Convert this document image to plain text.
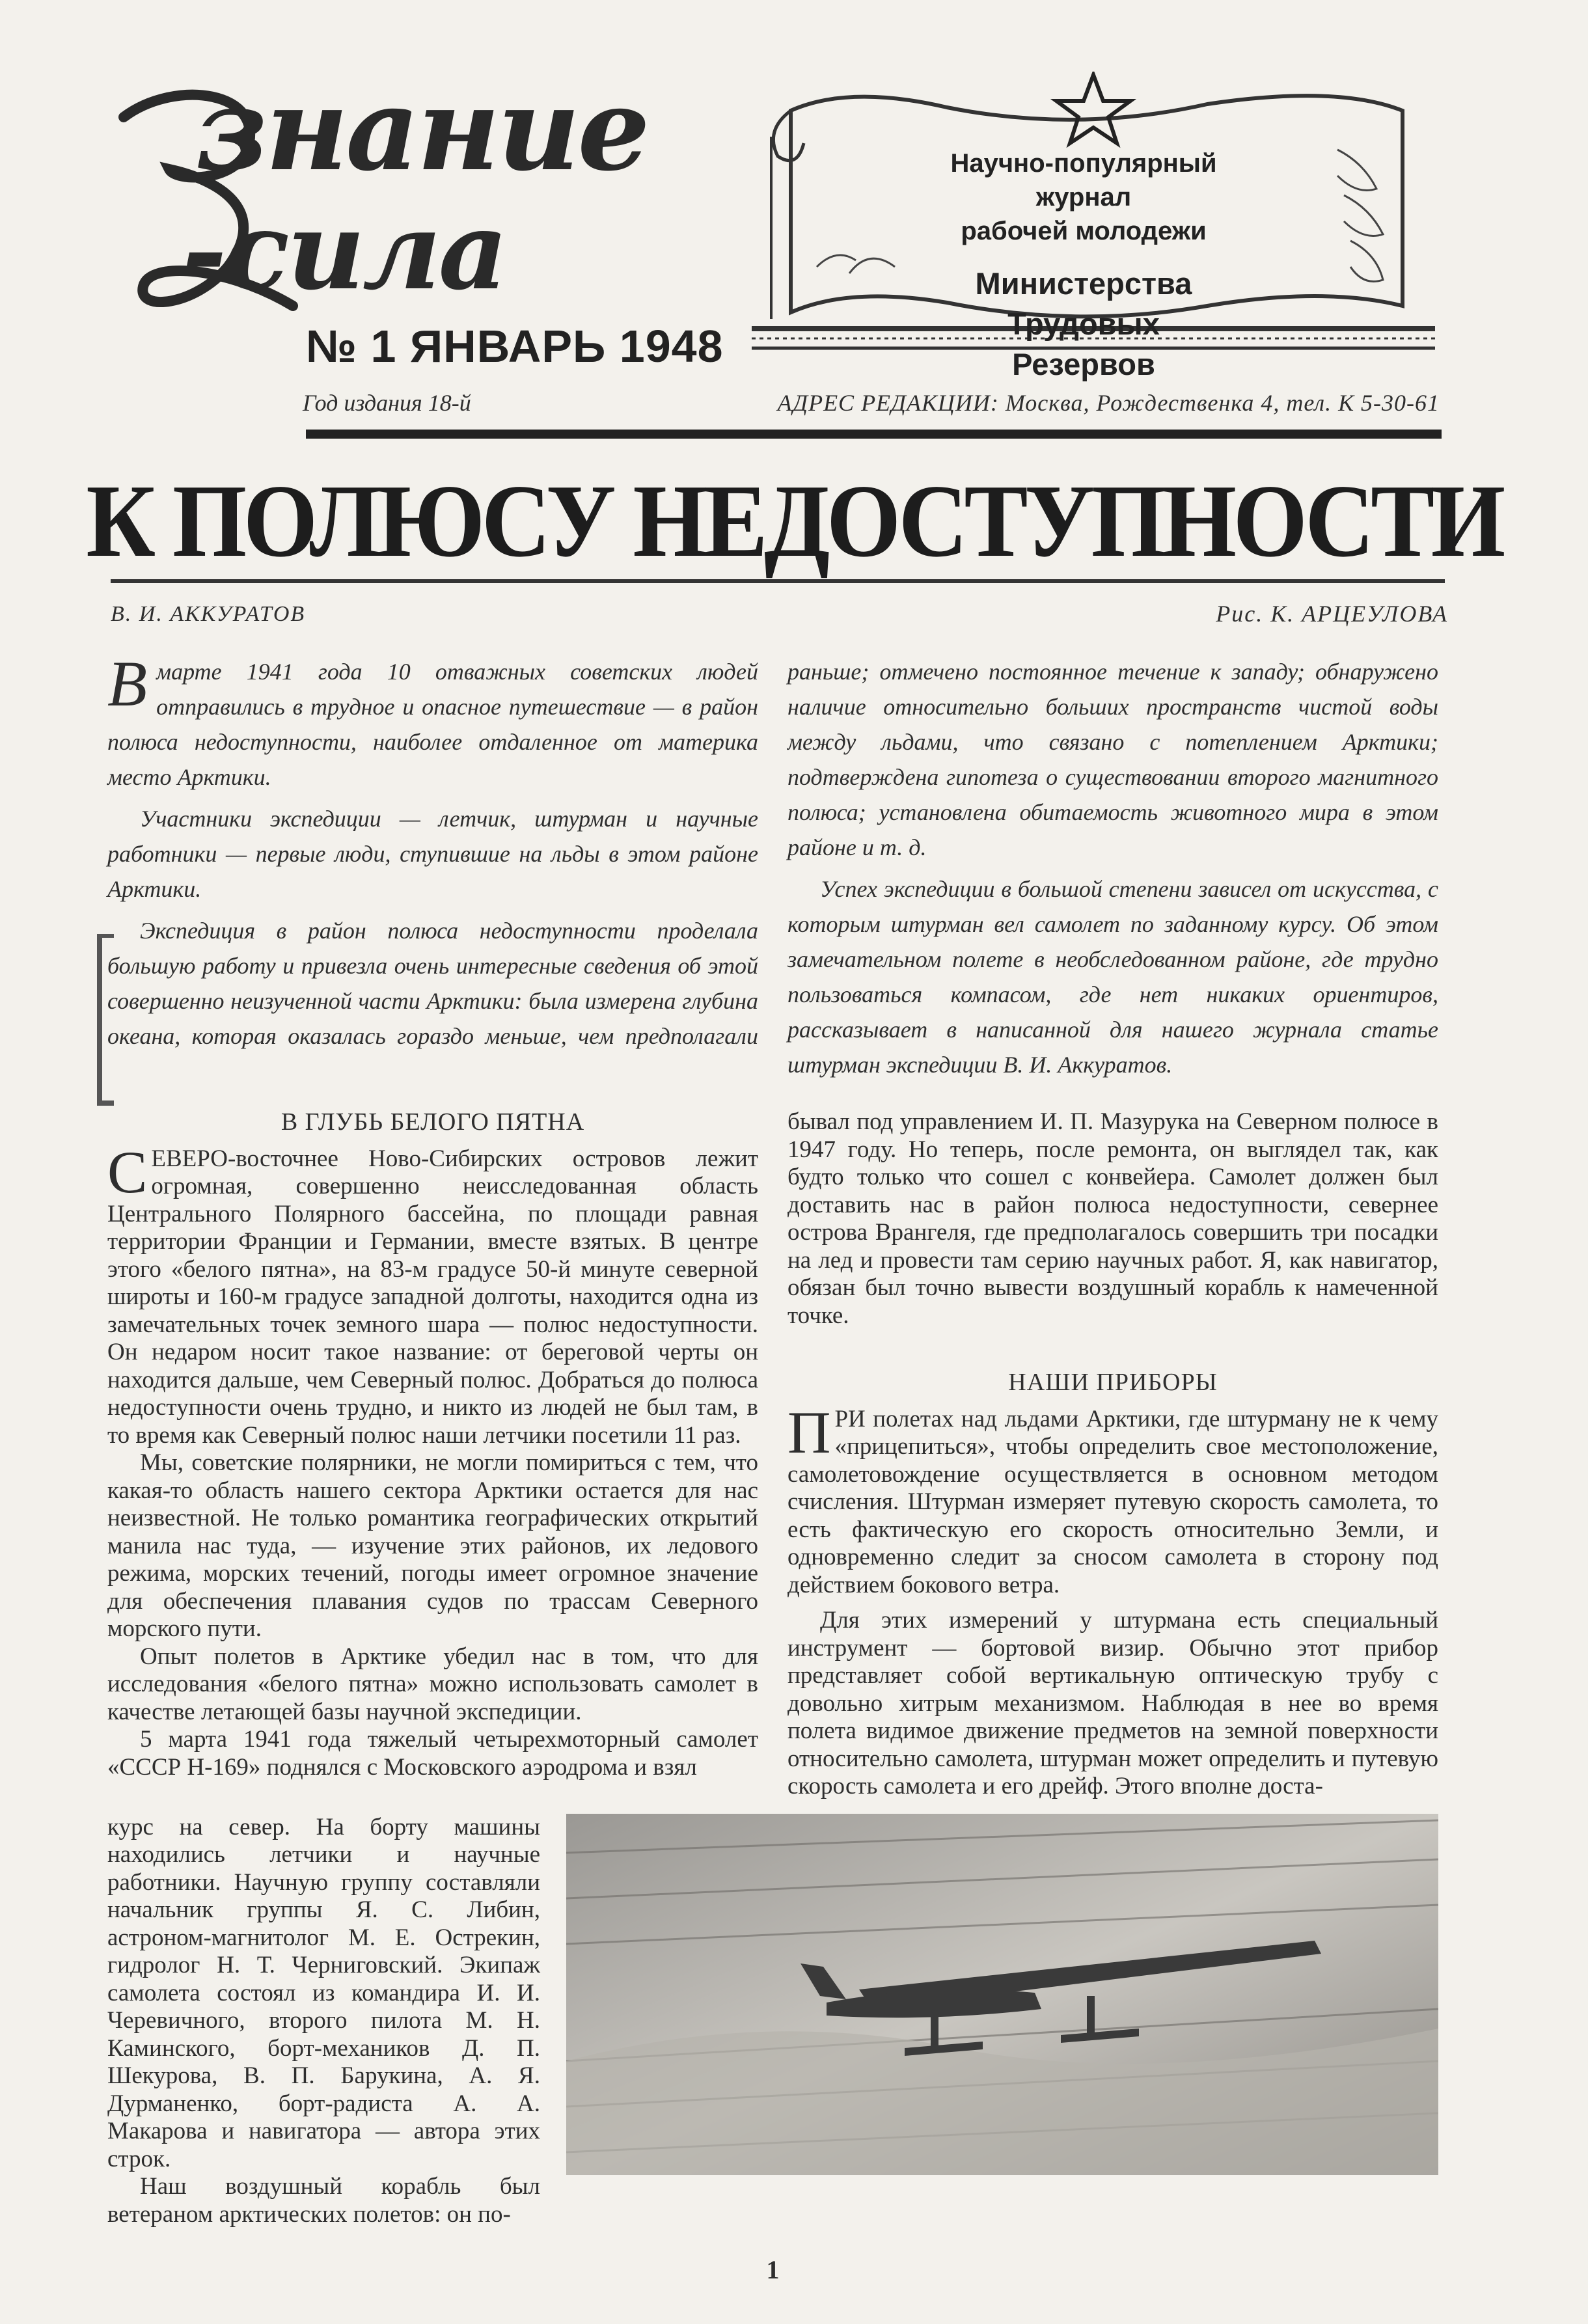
знание
-сила
№ 1 ЯНВАРЬ 1948
Научно-популярный журнал
рабочей молодежи
Министерства Трудовых
Резервов
Год издания 18-й	АДРЕС РЕДАКЦИИ: Москва, Рождественка 4, тел. К 5-30-61
К ПОЛЮСУ НЕДОСТУПНОСТИ
В. И. АККУРАТОВ	Рис. К. АРЦЕУЛОВА

Вмарте 1941 года 10 отважных советских людей отправились в трудное и опасное путешествие — в район полюса недоступности, наиболее отдаленное от материка место Арктики.

Участники экспедиции — летчик, штурман и научные работники — первые люди, ступившие на льды в этом районе Арктики.

Экспедиция в район полюса недоступности проделала большую работу и привезла очень интересные сведения об этой совершенно неизученной части Арктики: была измерена глубина океана, которая оказалась гораздо меньше, чем предполагали раньше; отмечено постоянное течение к западу; обнаружено наличие относительно больших пространств чистой воды между льдами, что связано с потеплением Арктики; подтверждена гипотеза о существовании второго магнитного полюса; установлена обитаемость животного мира в этом районе и т. д.

Успех экспедиции в большой степени зависел от искусства, с которым штурман вел самолет по заданному курсу. Об этом замечательном полете в необследованном районе, где трудно пользоваться компасом, где нет никаких ориентиров, рассказывает в написанной для нашего журнала статье штурман экспедиции В. И. Аккуратов.

В ГЛУБЬ БЕЛОГО ПЯТНА

СЕВЕРО-восточнее Ново-Сибирских островов лежит огромная, совершенно неисследованная область Центрального Полярного бассейна, по площади равная территории Франции и Германии, вместе взятых. В центре этого «белого пятна», на 83-м градусе 50-й минуте северной широты и 160-м градусе западной долготы, находится одна из замечательных точек земного шара — полюс недоступности. Он недаром носит такое название: от береговой черты он находится дальше, чем Северный полюс. Добраться до полюса недоступности очень трудно, и никто из людей не был там, в то время как Северный полюс наши летчики посетили 11 раз.

Мы, советские полярники, не могли помириться с тем, что какая-то область нашего сектора Арктики остается для нас неизвестной. Не только романтика географических открытий манила нас туда, — изучение этих районов, их ледового режима, морских течений, погоды имеет огромное значение для обеспечения плавания судов по трассам Северного морского пути.

Опыт полетов в Арктике убедил нас в том, что для исследования «белого пятна» можно использовать самолет в качестве летающей базы научной экспедиции.

5 марта 1941 года тяжелый четырехмоторный самолет «СССР Н-169» поднялся с Московского аэродрома и взял

бывал под управлением И. П. Мазурука на Северном полюсе в 1947 году. Но теперь, после ремонта, он выглядел так, как будто только что сошел с конвейера. Самолет должен был доставить нас в район полюса недоступности, севернее острова Врангеля, где предполагалось совершить три посадки на лед и провести там серию научных работ. Я, как навигатор, обязан был точно вывести воздушный корабль к намеченной точке.

НАШИ ПРИБОРЫ

ПРИ полетах над льдами Арктики, где штурману не к чему «прицепиться», чтобы определить свое местоположение, самолетовождение осуществляется в основном методом счисления. Штурман измеряет путевую скорость самолета, то есть фактическую его скорость относительно Земли, и одновременно следит за сносом самолета в сторону под действием бокового ветра.

Для этих измерений у штурмана есть специальный инструмент — бортовой визир. Обычно этот прибор представляет собой вертикальную оптическую трубу с довольно хитрым механизмом. Наблюдая в нее во время полета видимое движение предметов на земной поверхности относительно самолета, штурман может определить и путевую скорость самолета и его дрейф. Этого вполне доста-

курс на север. На борту машины находились летчики и научные работники. Научную группу составляли начальник группы Я. С. Либин, астроном-магнитолог М. Е. Острекин, гидролог Н. Т. Черниговский. Экипаж самолета состоял из командира И. И. Черевичного, второго пилота М. Н. Каминского, борт-механиков Д. П. Шекурова, В. П. Барукина, А. Я. Дурманенко, борт-радиста А. А. Макарова и навигатора — автора этих строк.

Наш воздушный корабль был ветераном арктических полетов: он по-

1
